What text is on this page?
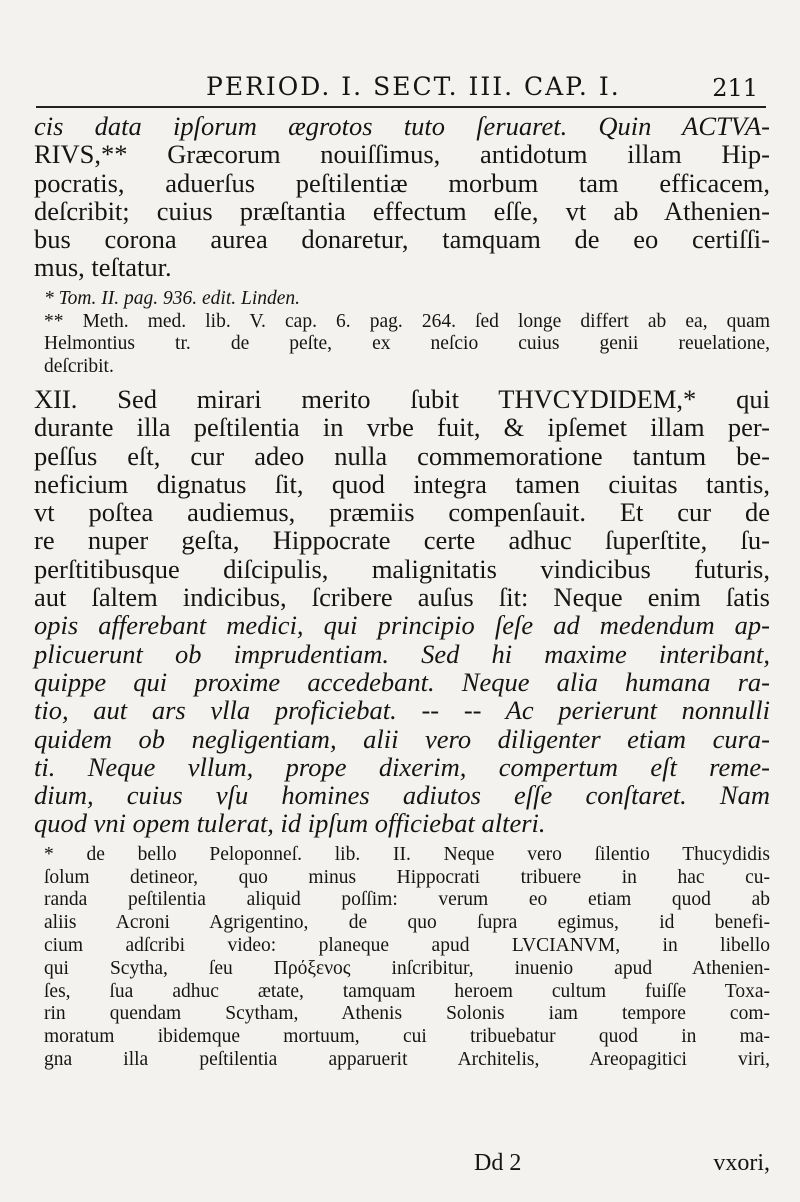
PERIOD. I. SECT. III. CAP. I.	211

cis data ipſorum ægrotos tuto ſeruaret. Quin ACTVA-
RIVS,** Græcorum nouiſſimus, antidotum illam Hip-
pocratis, aduerſus peſtilentiæ morbum tam efficacem,
deſcribit; cuius præſtantia effectum eſſe, vt ab Athenien-
bus corona aurea donaretur, tamquam de eo certiſſi-
mus, teſtatur.

* Tom. II. pag. 936. edit. Linden.
** Meth. med. lib. V. cap. 6. pag. 264. ſed longe differt ab ea, quam
Helmontius tr. de peſte, ex neſcio cuius genii reuelatione,
deſcribit.

XII. Sed mirari merito ſubit THVCYDIDEM,* qui
durante illa peſtilentia in vrbe fuit, & ipſemet illam per-
peſſus eſt, cur adeo nulla commemoratione tantum be-
neficium dignatus ſit, quod integra tamen ciuitas tantis,
vt poſtea audiemus, præmiis compenſauit. Et cur de
re nuper geſta, Hippocrate certe adhuc ſuperſtite, ſu-
perſtitibusque diſcipulis, malignitatis vindicibus futuris,
aut ſaltem indicibus, ſcribere auſus ſit: Neque enim ſatis
opis afferebant medici, qui principio ſeſe ad medendum ap-
plicuerunt ob imprudentiam. Sed hi maxime interibant,
quippe qui proxime accedebant. Neque alia humana ra-
tio, aut ars vlla proficiebat. -- -- Ac perierunt nonnulli
quidem ob negligentiam, alii vero diligenter etiam cura-
ti. Neque vllum, prope dixerim, compertum eſt reme-
dium, cuius vſu homines adiutos eſſe conſtaret. Nam
quod vni opem tulerat, id ipſum officiebat alteri.

* de bello Peloponneſ. lib. II. Neque vero ſilentio Thucydidis
ſolum detineor, quo minus Hippocrati tribuere in hac cu-
randa peſtilentia aliquid poſſim: verum eo etiam quod ab
aliis Acroni Agrigentino, de quo ſupra egimus, id benefi-
cium adſcribi video: planeque apud LVCIANVM, in libello
qui Scytha, ſeu Πρόξενος inſcribitur, inuenio apud Athenien-
ſes, ſua adhuc ætate, tamquam heroem cultum fuiſſe Toxa-
rin quendam Scytham, Athenis Solonis iam tempore com-
moratum ibidemque mortuum, cui tribuebatur quod in ma-
gna illa peſtilentia apparuerit Architelis, Areopagitici viri,
Dd 2	vxori,
